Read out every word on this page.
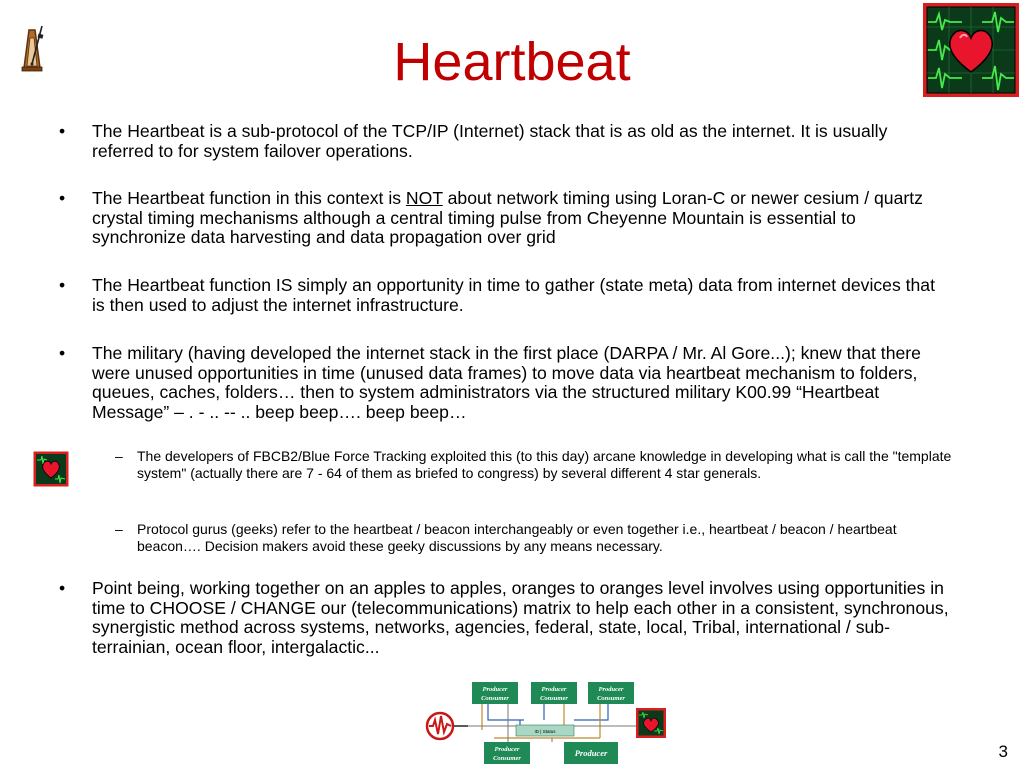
Heartbeat
• The Heartbeat is a sub-protocol of the TCP/IP (Internet) stack that is as old as the internet. It is usually referred to for system failover operations.
• The Heartbeat function in this context is NOT about network timing using Loran-C or newer cesium / quartz crystal timing mechanisms although a central timing pulse from Cheyenne Mountain is essential to synchronize data harvesting and data propagation over grid
• The Heartbeat function IS simply an opportunity in time to gather (state meta) data from internet devices that is then used to adjust the internet infrastructure.
• The military (having developed the internet stack in the first place (DARPA / Mr. Al Gore...); knew that there were unused opportunities in time (unused data frames) to move data via heartbeat mechanism to folders, queues, caches, folders… then to system administrators via the structured military K00.99 “Heartbeat Message” – . - .. -- .. beep beep…. beep beep…
– The developers of FBCB2/Blue Force Tracking exploited this (to this day) arcane knowledge in developing what is call the "template system" (actually there are 7 - 64 of them as briefed to congress) by several different 4 star generals.
– Protocol gurus (geeks) refer to the heartbeat / beacon interchangeably or even together i.e., heartbeat / beacon / heartbeat beacon…. Decision makers avoid these geeky discussions by any means necessary.
• Point being, working together on an apples to apples, oranges to oranges level involves using opportunities in time to CHOOSE / CHANGE our (telecommunications) matrix to help each other in a consistent, synchronous, synergistic method across systems, networks, agencies, federal, state, local, Tribal, international / sub-terrainian, ocean floor, intergalactic...
ID | Status
Producer
Consumer
Producer
Consumer
Producer
Consumer
Producer
Consumer
Producer	3
